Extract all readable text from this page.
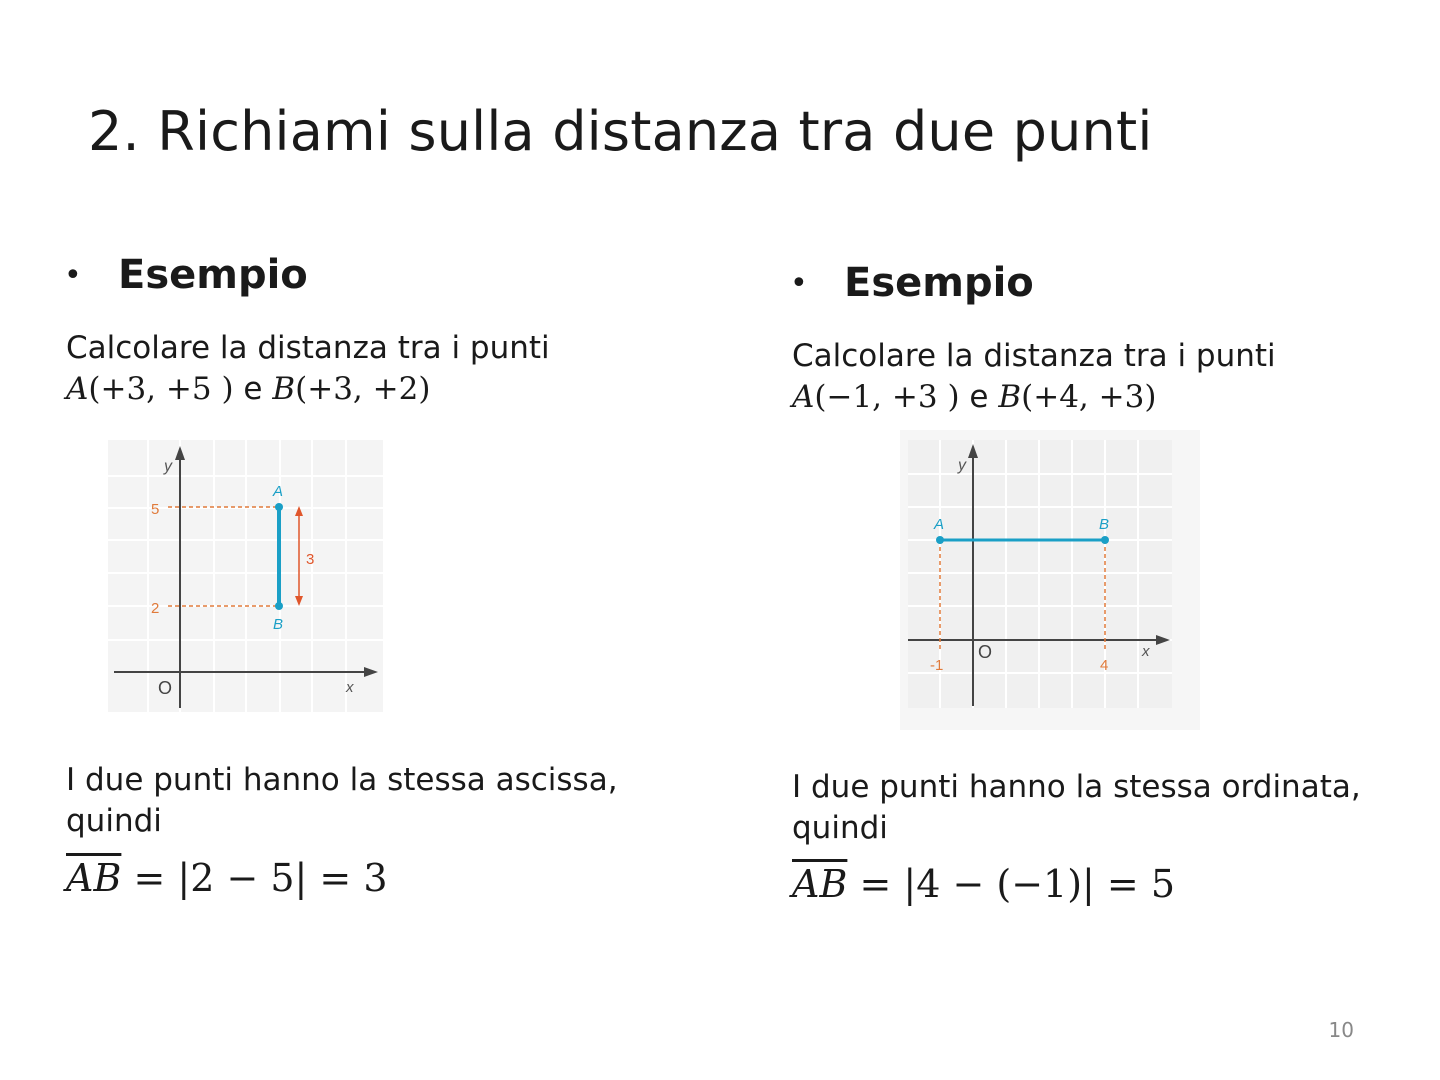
2. Richiami sulla distanza tra due punti
• Esempio
Calcolare la distanza tra i punti
A(+3, +5 ) e B(+3, +2)
3
y
x
O
5
2
A
B
I due punti hanno la stessa ascissa,
quindi
$\overline{AB} = |2 - 5| = 3$
• Esempio
Calcolare la distanza tra i punti
A(−1, +3 ) e B(+4, +3)
y
x
O
-1	4
A	B
I due punti hanno la stessa ordinata,
quindi
$\overline{AB} = |4 - (-1)| = 5$
10
